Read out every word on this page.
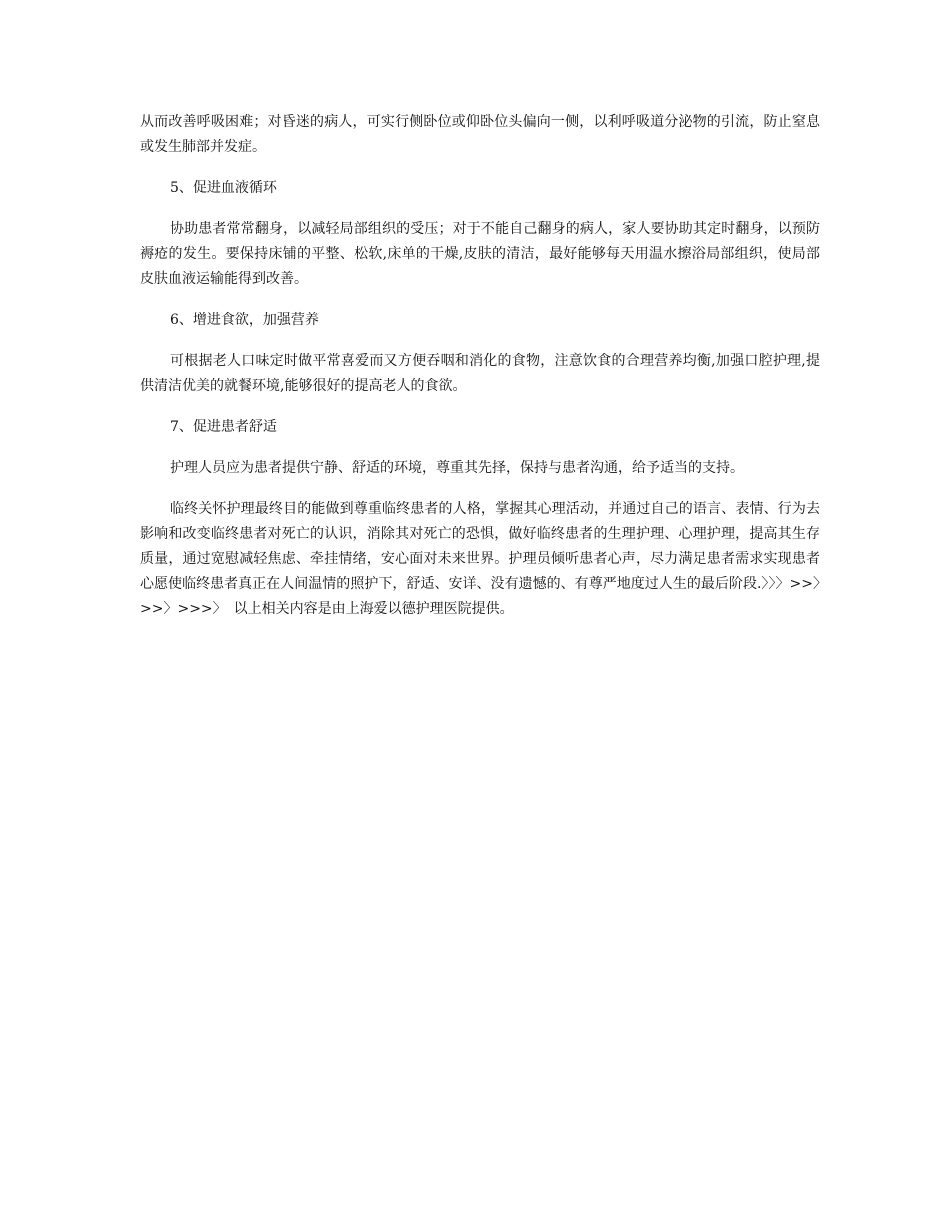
从而改善呼吸困难；对昏迷的病人，可实行侧卧位或仰卧位头偏向一侧，以利呼吸道分泌物的引流，防止窒息或发生肺部并发症。

5、促进血液循环

协助患者常常翻身，以减轻局部组织的受压；对于不能自己翻身的病人，家人要协助其定时翻身，以预防褥疮的发生。要保持床铺的平整、松软,床单的干燥,皮肤的清洁，最好能够每天用温水擦浴局部组织，使局部皮肤血液运输能得到改善。

6、增进食欲，加强营养

可根据老人口味定时做平常喜爱而又方便吞咽和消化的食物，注意饮食的合理营养均衡,加强口腔护理,提供清洁优美的就餐环境,能够很好的提高老人的食欲。

7、促进患者舒适

护理人员应为患者提供宁静、舒适的环境，尊重其先择，保持与患者沟通，给予适当的支持。

临终关怀护理最终目的能做到尊重临终患者的人格，掌握其心理活动，并通过自己的语言、表情、行为去影响和改变临终患者对死亡的认识，消除其对死亡的恐惧，做好临终患者的生理护理、心理护理，提高其生存质量，通过宽慰减轻焦虑、牵挂情绪，安心面对未来世界。护理员倾听患者心声，尽力满足患者需求实现患者心愿使临终患者真正在人间温情的照护下，舒适、安详、没有遗憾的、有尊严地度过人生的最后阶段.〉〉〉>>〉>>〉>>>〉　以上相关内容是由上海爱以德护理医院提供。
